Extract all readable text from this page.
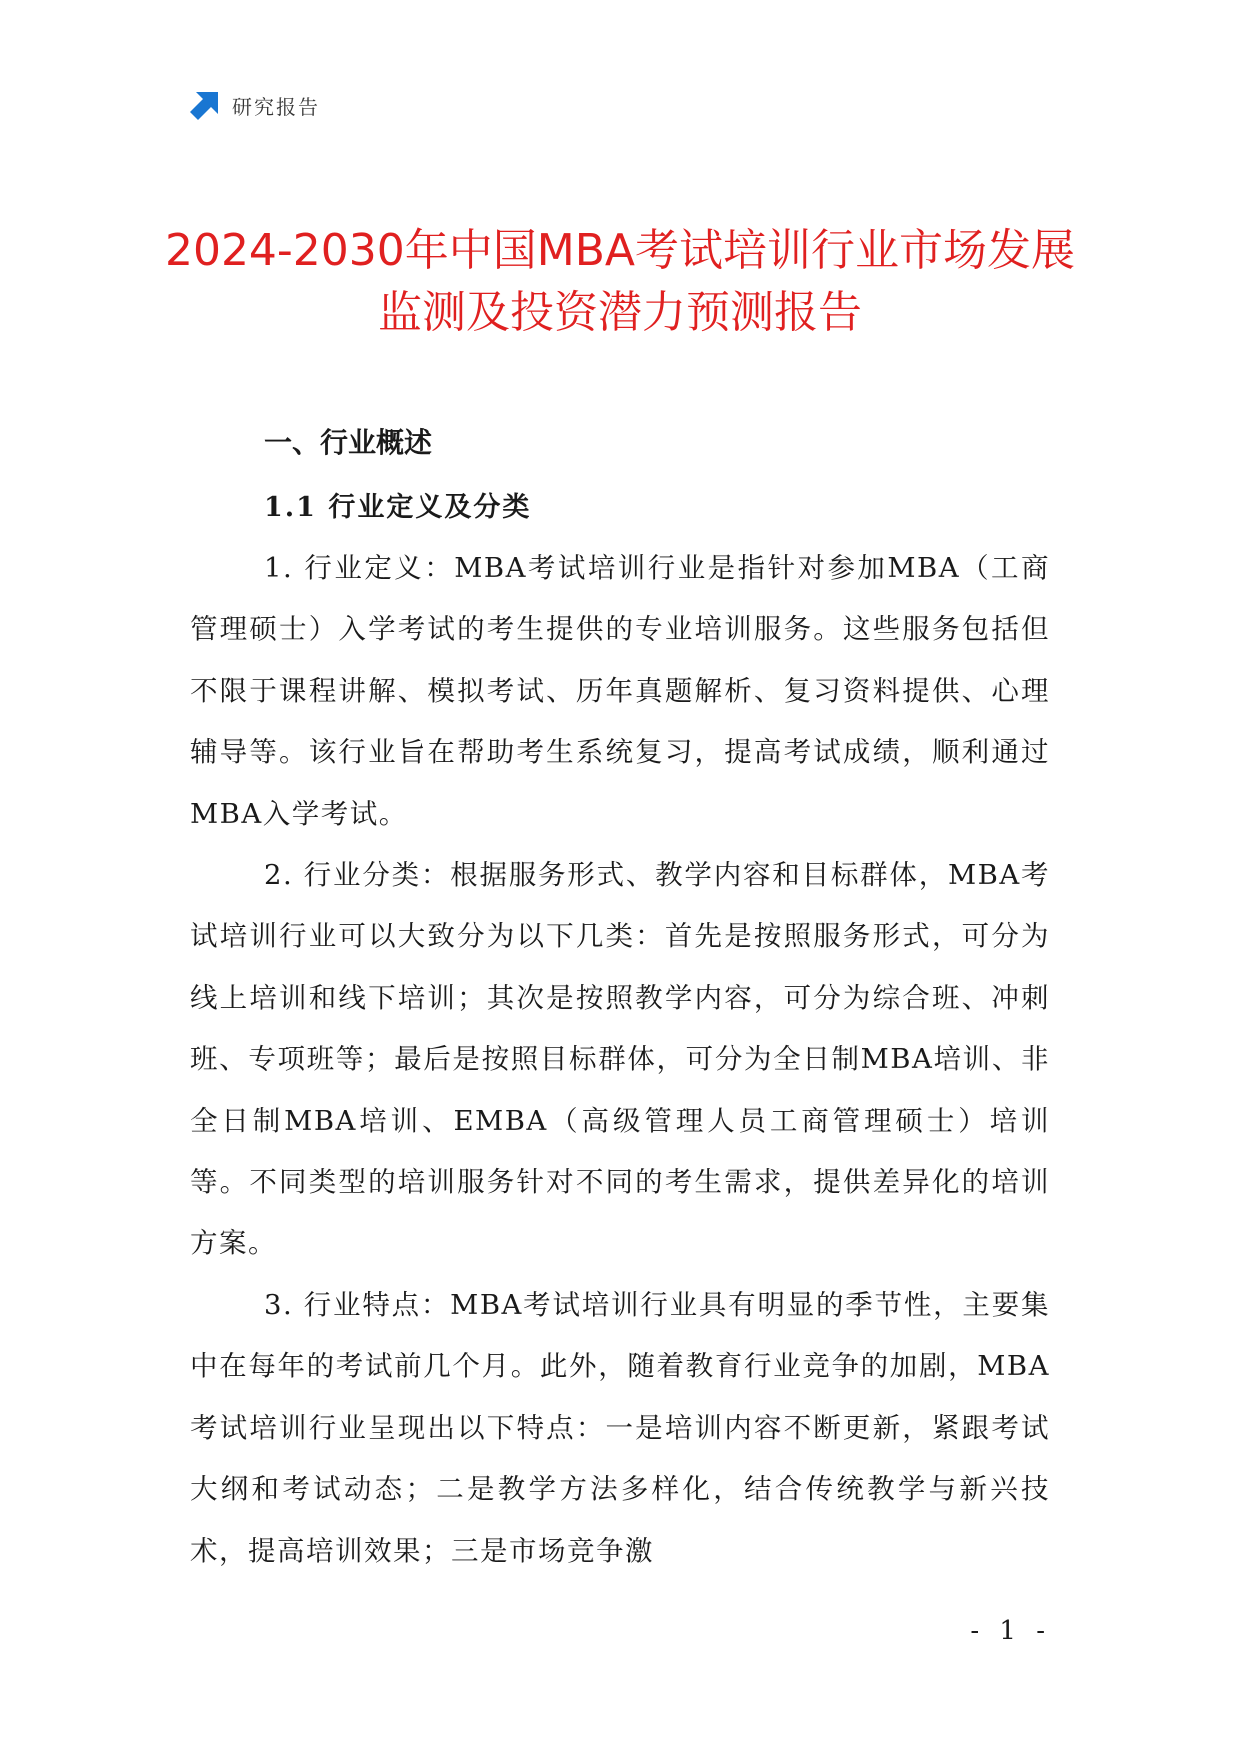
研究报告
2024-2030年中国MBA考试培训行业市场发展监测及投资潜力预测报告
一、行业概述
1.1 行业定义及分类

1. 行业定义：MBA考试培训行业是指针对参加MBA（工商管理硕士）入学考试的考生提供的专业培训服务。这些服务包括但不限于课程讲解、模拟考试、历年真题解析、复习资料提供、心理辅导等。该行业旨在帮助考生系统复习，提高考试成绩，顺利通过MBA入学考试。

2. 行业分类：根据服务形式、教学内容和目标群体，MBA考试培训行业可以大致分为以下几类：首先是按照服务形式，可分为线上培训和线下培训；其次是按照教学内容，可分为综合班、冲刺班、专项班等；最后是按照目标群体，可分为全日制MBA培训、非全日制MBA培训、EMBA（高级管理人员工商管理硕士）培训等。不同类型的培训服务针对不同的考生需求，提供差异化的培训方案。

3. 行业特点：MBA考试培训行业具有明显的季节性，主要集中在每年的考试前几个月。此外，随着教育行业竞争的加剧，MBA考试培训行业呈现出以下特点：一是培训内容不断更新，紧跟考试大纲和考试动态；二是教学方法多样化，结合传统教学与新兴技术，提高培训效果；三是市场竞争激

- 1 -
